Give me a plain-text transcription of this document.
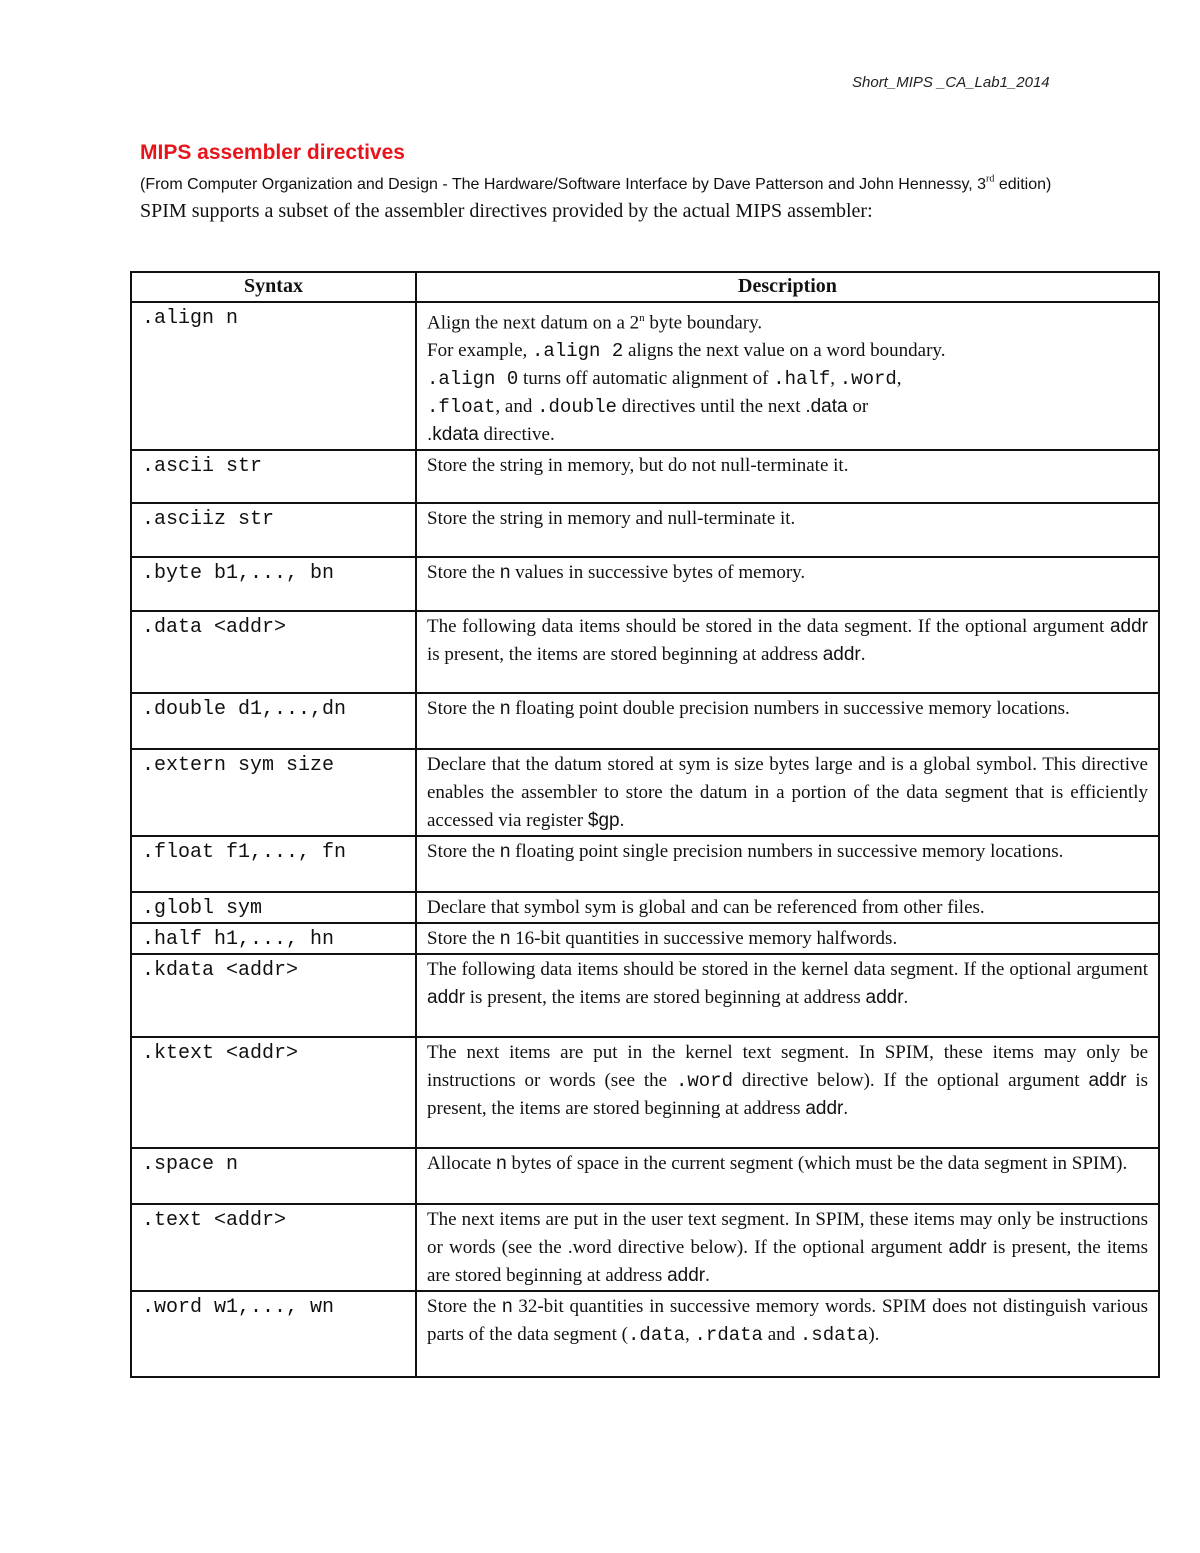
Short_MIPS _CA_Lab1_2014
MIPS assembler directives

(From Computer Organization and Design - The Hardware/Software Interface by Dave Patterson and John Hennessy, 3rd edition) SPIM supports a subset of the assembler directives provided by the actual MIPS assembler:

Syntax	Description
.align n	Align the next datum on a 2$^n$ byte boundary.
For example, .align 2 aligns the next value on a word boundary.
.align 0 turns off automatic alignment of .half, .word,
.float, and .double directives until the next .data or
.kdata directive.

.ascii str	Store the string in memory, but do not null-terminate it.
.asciiz str	Store the string in memory and null-terminate it.
.byte b1,..., bn	Store the n values in successive bytes of memory.
.data <addr>	The following data items should be stored in the data segment. If the optional argument addr is present, the items are stored beginning at address addr.
.double d1,...,dn	Store the n floating point double precision numbers in successive memory locations.
.extern sym size	Declare that the datum stored at sym is size bytes large and is a global symbol. This directive enables the assembler to store the datum in a portion of the data segment that is efficiently accessed via register $gp.
.float f1,..., fn	Store the n floating point single precision numbers in successive memory locations.
.globl sym	Declare that symbol sym is global and can be referenced from other files.
.half h1,..., hn	Store the n 16-bit quantities in successive memory halfwords.
.kdata <addr>	The following data items should be stored in the kernel data segment. If the optional argument addr is present, the items are stored beginning at address addr.
.ktext <addr>	The next items are put in the kernel text segment. In SPIM, these items may only be instructions or words (see the .word directive below). If the optional argument addr is present, the items are stored beginning at address addr.
.space n	Allocate n bytes of space in the current segment (which must be the data segment in SPIM).
.text <addr>	The next items are put in the user text segment. In SPIM, these items may only be instructions or words (see the .word directive below). If the optional argument addr is present, the items are stored beginning at address addr.
.word w1,..., wn	Store the n 32-bit quantities in successive memory words. SPIM does not distinguish various parts of the data segment (.data, .rdata and .sdata).
